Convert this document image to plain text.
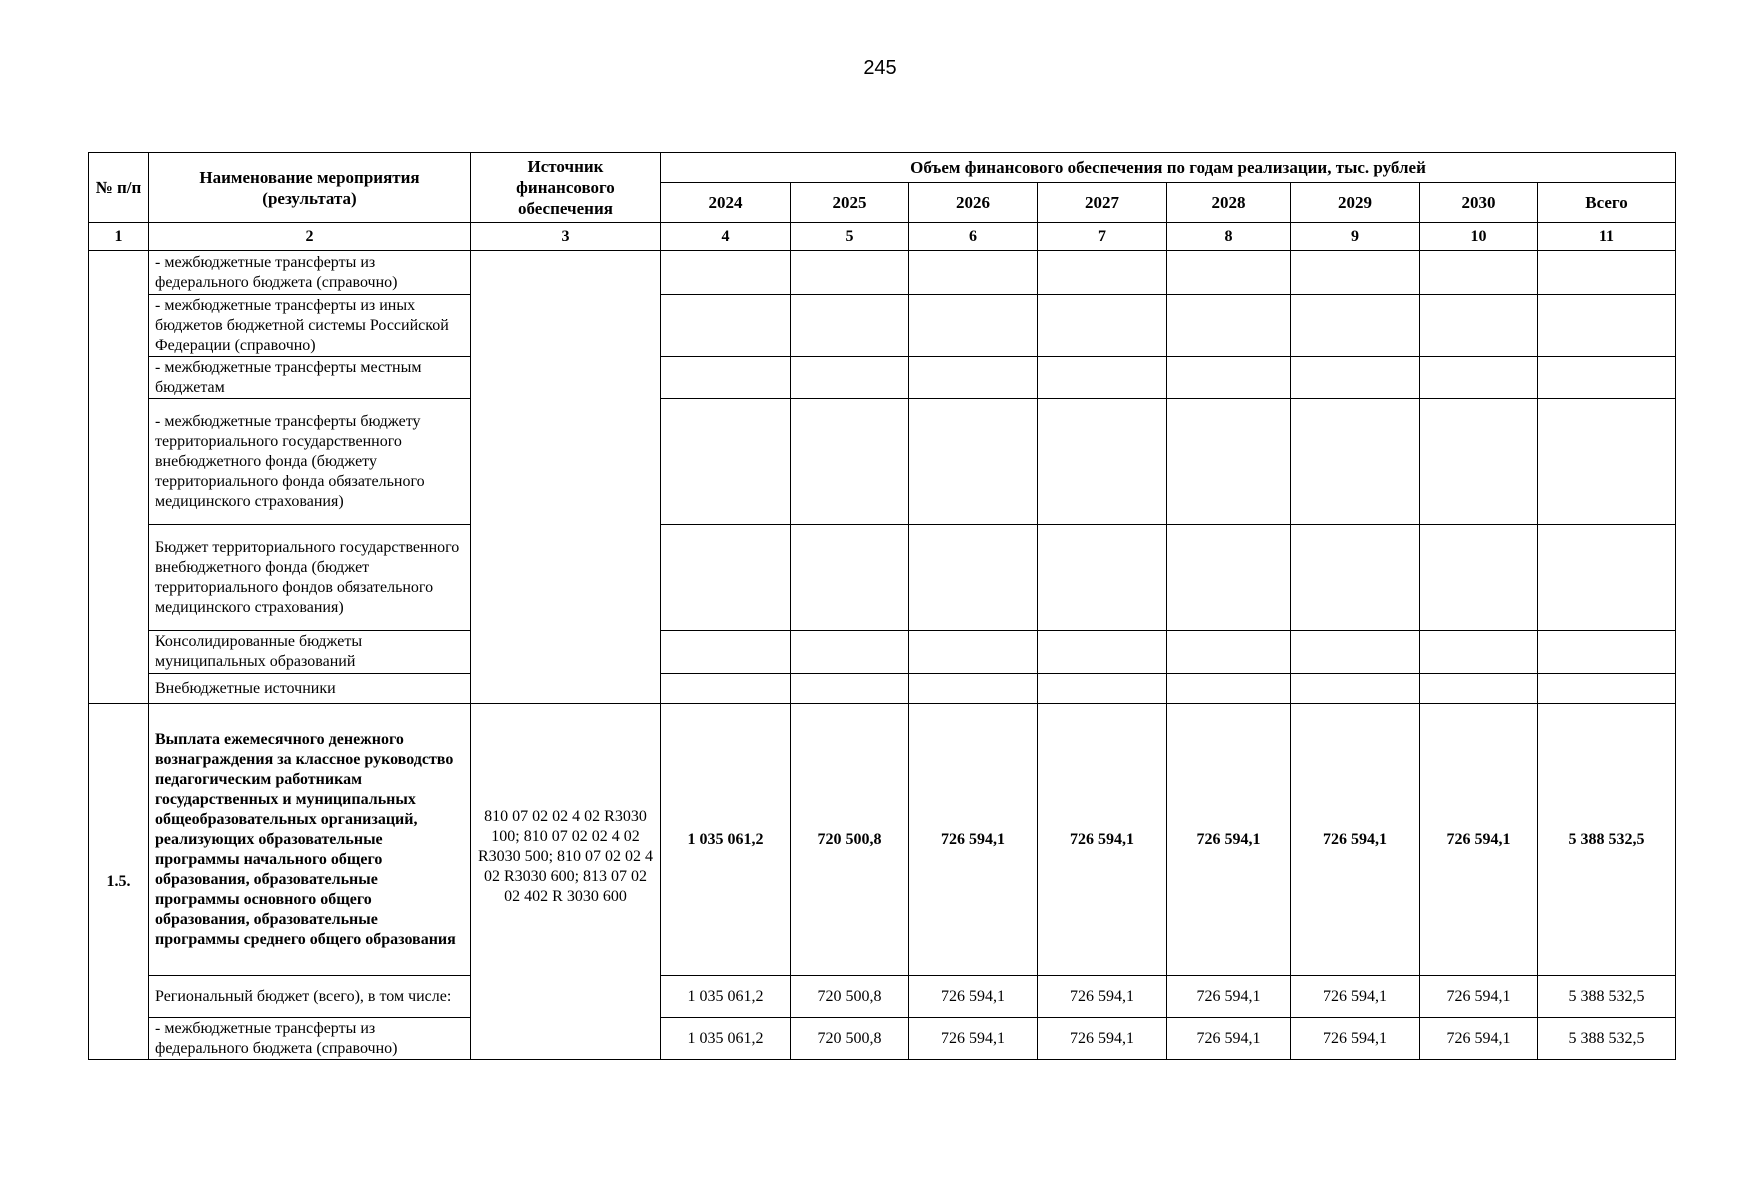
245
№ п/п	Наименование мероприятия (результата)	Источник финансового обеспечения	Объем финансового обеспечения по годам реализации, тыс. рублей							
			2024	2025	2026	2027	2028	2029	2030	Всего
1	2	3	4	5	6	7	8	9	10	11
	- межбюджетные трансферты из федерального бюджета (справочно)									
	- межбюджетные трансферты из иных бюджетов бюджетной системы Российской Федерации (справочно)									
	- межбюджетные трансферты местным бюджетам									
	- межбюджетные трансферты бюджету территориального государственного внебюджетного фонда (бюджету территориального фонда обязательного медицинского страхования)									
	Бюджет территориального государственного внебюджетного фонда (бюджет территориального фондов обязательного медицинского страхования)									
	Консолидированные бюджеты муниципальных образований									
	Внебюджетные источники									
1.5.	Выплата ежемесячного денежного вознаграждения за классное руководство педагогическим работникам государственных и муниципальных общеобразовательных организаций, реализующих образовательные программы начального общего образования, образовательные программы основного общего образования, образовательные программы среднего общего образования	810 07 02 02 4 02 R3030 100; 810 07 02 02 4 02 R3030 500; 810 07 02 02 4 02 R3030 600; 813 07 02 02 402 R 3030 600	1 035 061,2	720 500,8	726 594,1	726 594,1	726 594,1	726 594,1	726 594,1	5 388 532,5
	Региональный бюджет (всего), в том числе:		1 035 061,2	720 500,8	726 594,1	726 594,1	726 594,1	726 594,1	726 594,1	5 388 532,5
	- межбюджетные трансферты из федерального бюджета (справочно)		1 035 061,2	720 500,8	726 594,1	726 594,1	726 594,1	726 594,1	726 594,1	5 388 532,5
